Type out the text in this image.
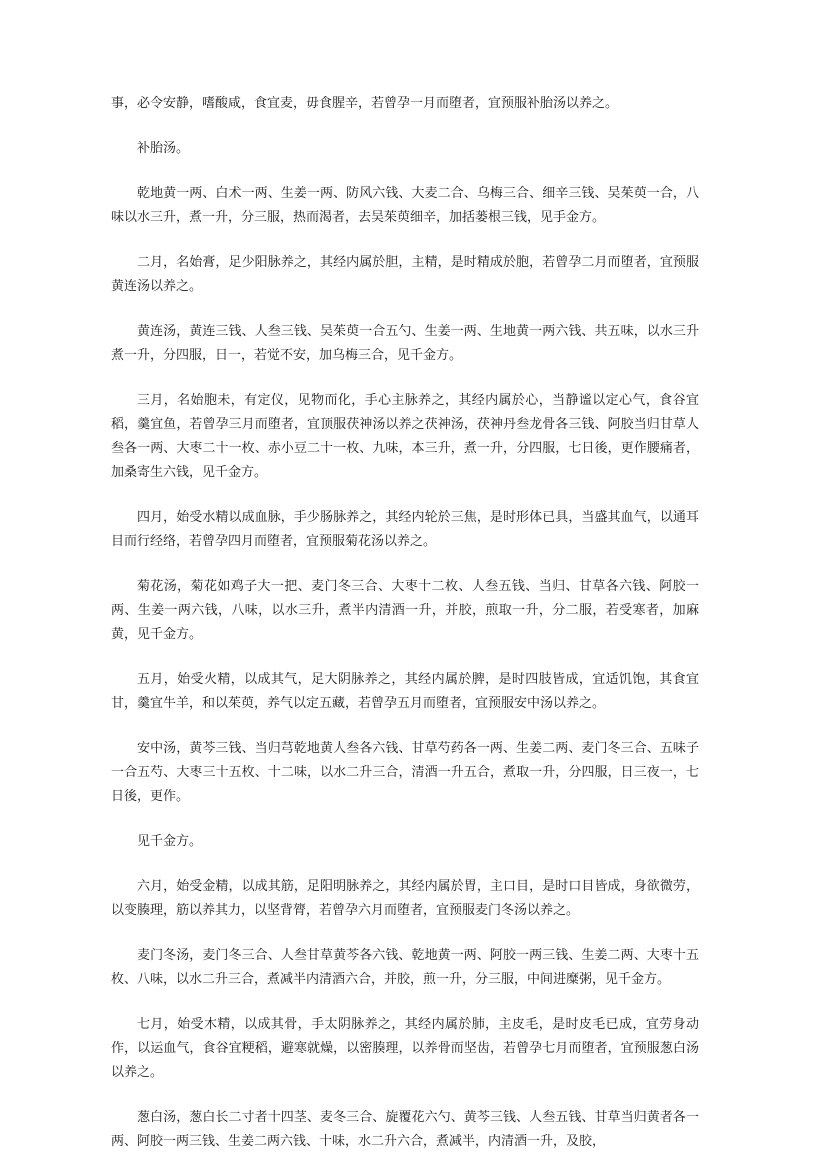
事，必令安静，嗜酸咸，食宜麦，毋食腥辛，若曾孕一月而堕者，宜预服补胎汤以养之。

补胎汤。

乾地黄一两、白术一两、生姜一两、防风六钱、大麦二合、乌梅三合、细辛三钱、吴茱萸一合，八味以水三升，煮一升，分三服，热而渴者，去吴茱萸细辛，加括蒌根三钱，见手金方。

二月，名始膏，足少阳脉养之，其经内属於胆，主精，是时精成於胞，若曾孕二月而堕者，宜预服黄连汤以养之。

黄连汤，黄连三钱、人叁三钱、吴茱萸一合五勺、生姜一两、生地黄一两六钱、共五味，以水三升煮一升，分四服，日一，若觉不安，加乌梅三合，见千金方。

三月，名始胞未，有定仪，见物而化，手心主脉养之，其经内属於心，当静谧以定心气，食谷宜稻，羹宜鱼，若曾孕三月而堕者，宜顶服茯神汤以养之茯神汤，茯神丹叁龙骨各三钱、阿胶当归甘草人叁各一两、大枣二十一枚、赤小豆二十一枚、九味，本三升，煮一升，分四服，七日後，更作腰痛者，加桑寄生六钱，见千金方。

四月，始受水精以成血脉，手少肠脉养之，其经内轮於三焦，是时形体已具，当盛其血气，以通耳目而行经络，若曾孕四月而堕者，宜预服菊花汤以养之。

菊花汤，菊花如鸡子大一把、麦门冬三合、大枣十二枚、人叁五钱、当归、甘草各六钱、阿胶一两、生姜一两六钱，八味，以水三升，煮半内清酒一升，并胶，煎取一升，分二服，若受寒者，加麻黄，见千金方。

五月，始受火精，以成其气，足大阴脉养之，其经内属於脾，是时四肢皆成，宜适饥饱，其食宜甘，羹宜牛羊，和以茱萸，养气以定五藏，若曾孕五月而堕者，宜预服安中汤以养之。

安中汤，黄芩三钱、当归芎乾地黄人叁各六钱、甘草芍药各一两、生姜二两、麦门冬三合、五味子一合五芍、大枣三十五枚、十二味，以水二升三合，清酒一升五合，煮取一升，分四服，日三夜一，七日後，更作。

见千金方。

六月，始受金精，以成其筋，足阳明脉养之，其经内属於胃，主口目，是时口目皆成，身欲微劳，以变腠理，筋以养其力，以坚背膂，若曾孕六月而堕者，宜预服麦门冬汤以养之。

麦门冬汤，麦门冬三合、人叁甘草黄芩各六钱、乾地黄一两、阿胶一两三钱、生姜二两、大枣十五枚、八味，以水二升三合，煮减半内清酒六合，并胶，煎一升，分三服，中间进糜粥，见千金方。

七月，始受木精，以成其骨，手太阴脉养之，其经内属於肺，主皮毛，是时皮毛已成，宜劳身动作，以运血气，食谷宜粳稻，避寒就燥，以密腠理，以养骨而坚齿，若曾孕七月而堕者，宜预服葱白汤以养之。

葱白汤，葱白长二寸者十四茎、麦冬三合、旋覆花六勺、黄芩三钱、人叁五钱、甘草当归黄者各一两、阿胶一两三钱、生姜二两六钱、十味，水二升六合，煮减半，内清酒一升，及胶，
